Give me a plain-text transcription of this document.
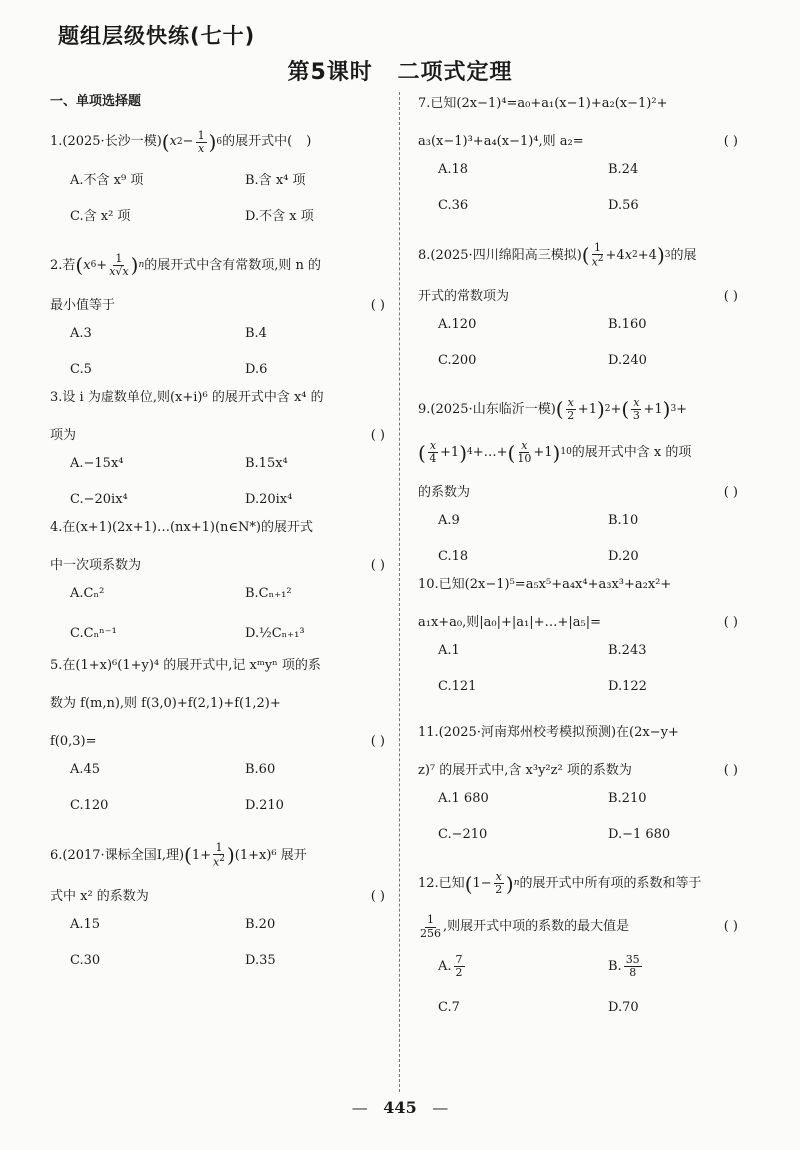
题组层级快练(七十)
第5课时 二项式定理
一、单项选择题
1.(2025·长沙一模) ( x $2 - \frac{1}{x}$ ) 6 的展开式中( )
A.不含 x⁹ 项	B.含 x⁴ 项
C.含 x² 项	D.不含 x 项
2.若 ( x $6 + \frac{1}{x√x}$ ) n 的展开式中含有常数项,则 n 的
最小值等于	( )
A.3	B.4
C.5	D.6
3.设 i 为虚数单位,则(x+i)⁶ 的展开式中含 x⁴ 的
项为	( )
A.−15x⁴	B.15x⁴
C.−20ix⁴	D.20ix⁴
4.在(x+1)(2x+1)…(nx+1)(n∈N*)的展开式
中一次项系数为	( )
A.Cₙ²	B.Cₙ₊₁²
C.Cₙⁿ⁻¹	D.½Cₙ₊₁³
5.在(1+x)⁶(1+y)⁴ 的展开式中,记 xᵐyⁿ 项的系
数为 f(m,n),则 f(3,0)+f(2,1)+f(1,2)+
f(0,3)=	( )
A.45	B.60
C.120	D.210
6.(2017·课标全国Ⅰ,理) ( $1+ \frac{1}{x^2}$ ) (1+x)⁶ 展开
式中 x² 的系数为	( )
A.15	B.20
C.30	D.35
7.已知(2x−1)⁴=a₀+a₁(x−1)+a₂(x−1)²+
a₃(x−1)³+a₄(x−1)⁴,则 a₂=	( )
A.18	B.24
C.36	D.56
8.(2025·四川绵阳高三模拟) ( $\frac{1}{x^2} +4$ x 2 +4 ) 3 的展
开式的常数项为	( )
A.120	B.160
C.200	D.240
9.(2025·山东临沂一模) ( $\frac{x}{2} +1$ ) 2 + ( $\frac{x}{3} +1$ ) 3 +
( $\frac{x}{4} +1$ ) 4 +…+ ( $\frac{x}{10} +1$ ) 10 的展开式中含 x 的项
的系数为	( )
A.9	B.10
C.18	D.20
10.已知(2x−1)⁵=a₅x⁵+a₄x⁴+a₃x³+a₂x²+
a₁x+a₀,则|a₀|+|a₁|+…+|a₅|=	( )
A.1	B.243
C.121	D.122
11.(2025·河南郑州校考模拟预测)在(2x−y+
z)⁷ 的展开式中,含 x³y²z² 项的系数为	( )
A.1 680	B.210
C.−210	D.−1 680
12.已知 ( $1- \frac{x}{2}$ ) n 的展开式中所有项的系数和等于
$\frac{1}{256}$ ,则展开式中项的系数的最大值是	( )
A. $\frac{7}{2}$	B. $\frac{35}{8}$
C.7	D.70
— 445 —
